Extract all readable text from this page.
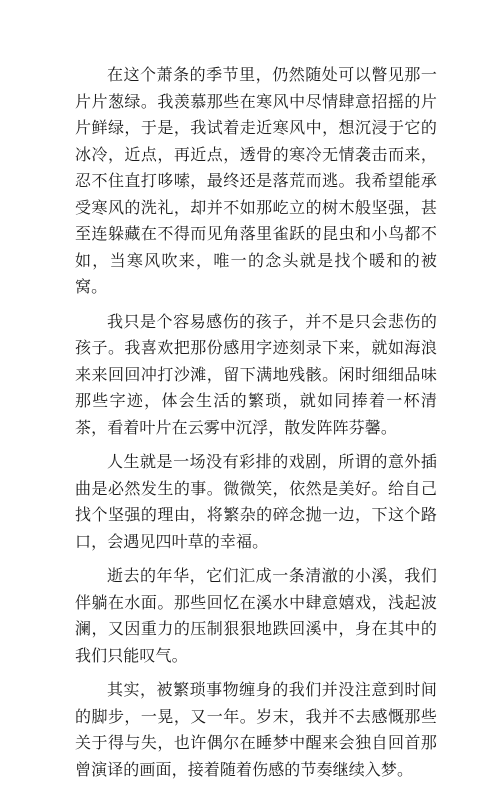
在这个萧条的季节里，仍然随处可以瞥见那一片片葱绿。我羡慕那些在寒风中尽情肆意招摇的片片鲜绿，于是，我试着走近寒风中，想沉浸于它的冰冷，近点，再近点，透骨的寒冷无情袭击而来，忍不住直打哆嗦，最终还是落荒而逃。我希望能承受寒风的洗礼，却并不如那屹立的树木般坚强，甚至连躲藏在不得而见角落里雀跃的昆虫和小鸟都不如，当寒风吹来，唯一的念头就是找个暖和的被窝。

我只是个容易感伤的孩子，并不是只会悲伤的孩子。我喜欢把那份感用字迹刻录下来，就如海浪来来回回冲打沙滩，留下满地残骸。闲时细细品味那些字迹，体会生活的繁琐，就如同捧着一杯清茶，看着叶片在云雾中沉浮，散发阵阵芬馨。

人生就是一场没有彩排的戏剧，所谓的意外插曲是必然发生的事。微微笑，依然是美好。给自己找个坚强的理由，将繁杂的碎念抛一边，下这个路口，会遇见四叶草的幸福。

逝去的年华，它们汇成一条清澈的小溪，我们伴躺在水面。那些回忆在溪水中肆意嬉戏，浅起波澜，又因重力的压制狠狠地跌回溪中，身在其中的我们只能叹气。

其实，被繁琐事物缠身的我们并没注意到时间的脚步，一晃，又一年。岁末，我并不去感慨那些关于得与失，也许偶尔在睡梦中醒来会独自回首那曾演译的画面，接着随着伤感的节奏继续入梦。
